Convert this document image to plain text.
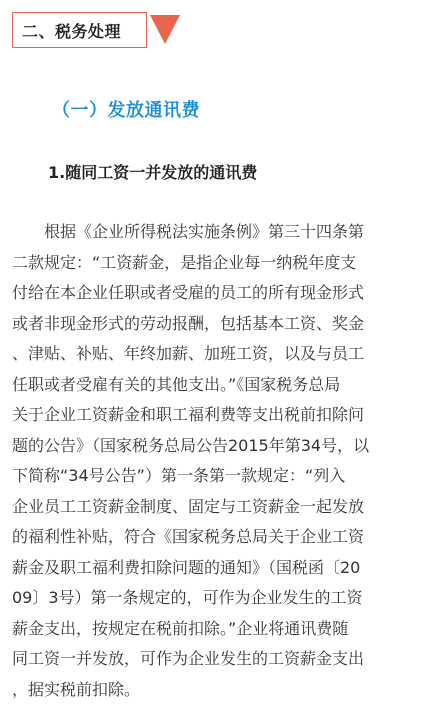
二、税务处理
（一）发放通讯费
1.随同工资一并发放的通讯费
　　根据《企业所得税法实施条例》第三十四条第
二款规定：“工资薪金，是指企业每一纳税年度支
付给在本企业任职或者受雇的员工的所有现金形式
或者非现金形式的劳动报酬，包括基本工资、奖金
、津贴、补贴、年终加薪、加班工资，以及与员工
任职或者受雇有关的其他支出。”《国家税务总局
关于企业工资薪金和职工福利费等支出税前扣除问
题的公告》（国家税务总局公告2015年第34号，以
下简称“34号公告”）第一条第一款规定：“列入
企业员工工资薪金制度、固定与工资薪金一起发放
的福利性补贴，符合《国家税务总局关于企业工资
薪金及职工福利费扣除问题的通知》（国税函〔20
09〕3号）第一条规定的，可作为企业发生的工资
薪金支出，按规定在税前扣除。”企业将通讯费随
同工资一并发放，可作为企业发生的工资薪金支出
，据实税前扣除。
